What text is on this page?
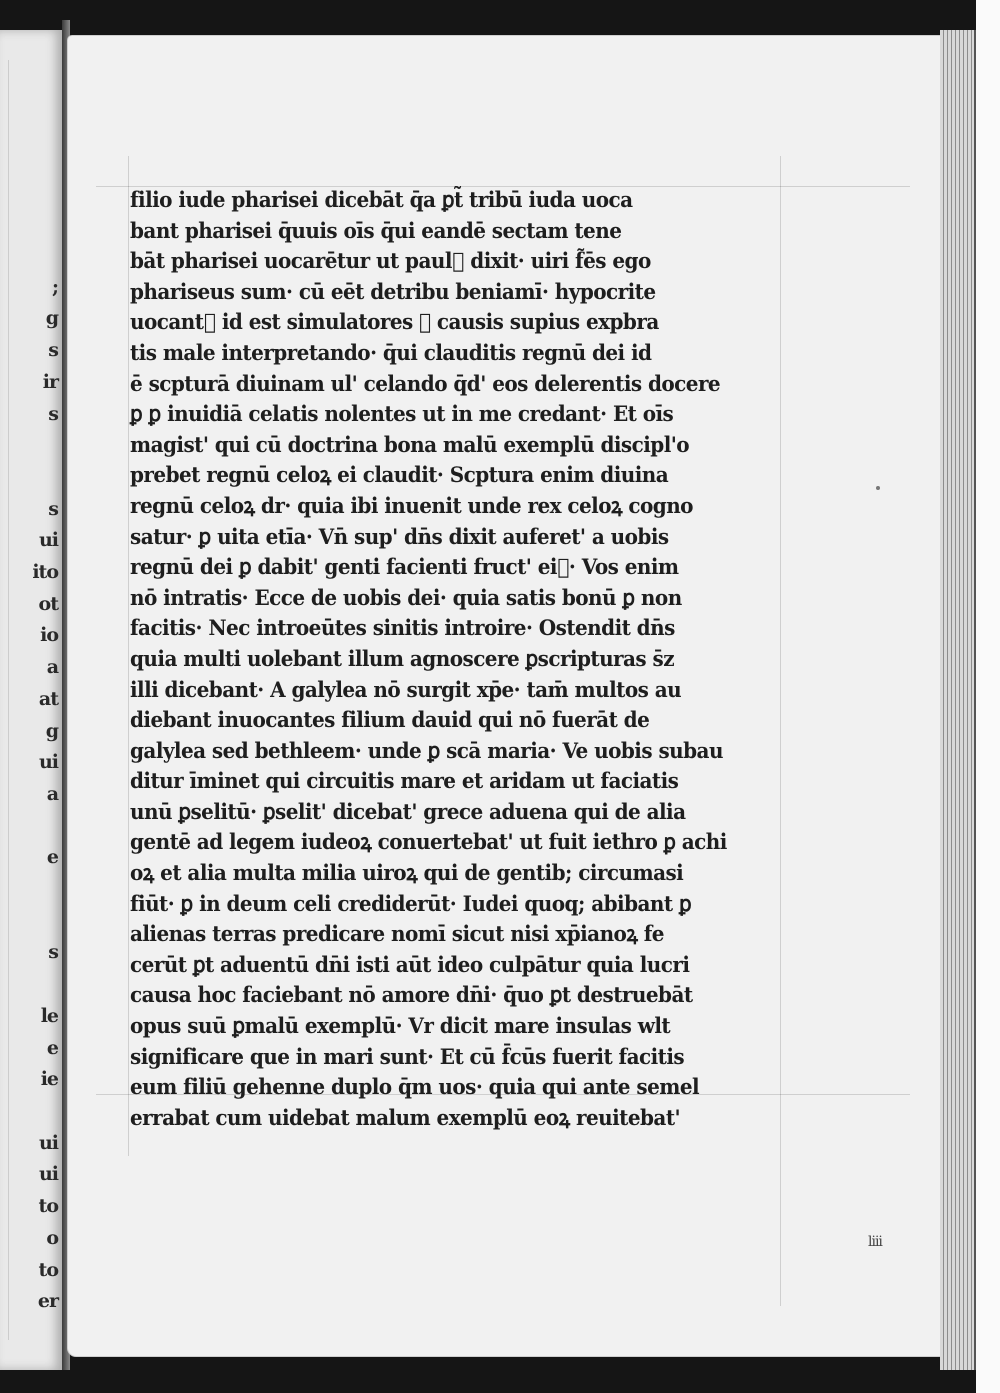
;
g
s
ir
s

s
ui
ito
ot
io
a
at
g
ui
a

e

s

le
e
ie

ui
ui
to
o
to
er
filio iude pharisei dicebāt q̄a ꝑt̃ tribū iuda uoca
bant pharisei q̄uuis oīs q̄ui eandē sectam tene
bāt pharisei uocarētur ut paul᷒ dixit· uiri f̃ēs ego
phariseus sum· cū eēt detribu beniamī· hypocrite
uocant᷒ id est simulatores ꝑ causis supius expbra
tis male interpretando· q̄ui clauditis regnū dei id
ē scpturā diuinam ul' celando q̄d' eos delerentis docere
ꝑ ꝑ inuidiā celatis nolentes ut in me credant· Et oīs
magist' qui cū doctrina bona malū exemplū discipl'o
prebet regnū celoꝝ ei claudit· Scptura enim diuina
regnū celoꝝ dr· quia ibi inuenit unde rex celoꝝ cogno
satur· ꝑ uita etīa· Vn̄ sup' dn̄s dixit auferet' a uobis
regnū dei ꝑ dabit' genti facienti fruct' ei᷒· Vos enim
nō intratis· Ecce de uobis dei· quia satis bonū ꝑ non
facitis· Nec introeūtes sinitis introire· Ostendit dn̄s
quia multi uolebant illum agnoscere ꝑscripturas s̄z
illi dicebant· A galylea nō surgit xp̄e· tam̄ multos au
diebant inuocantes filium dauid qui nō fuerāt de
galylea sed bethleem· unde ꝑ scā maria· Ve uobis subau
ditur īminet qui circuitis mare et aridam ut faciatis
unū ꝑselitū· ꝑselit' dicebat' grece aduena qui de alia
gentē ad legem iudeoꝝ conuertebat' ut fuit iethro ꝑ achi
oꝝ et alia multa milia uiroꝝ qui de gentib; circumasi
fiūt· ꝑ in deum celi crediderūt· Iudei quoq; abibant ꝑ
alienas terras predicare nomī sicut nisi xp̄ianoꝝ fe
cerūt ꝑt aduentū dn̄i isti aūt ideo culpātur quia lucri
causa hoc faciebant nō amore dn̄i· q̄uo ꝑt destruebāt
opus suū ꝑmalū exemplū· Vr dicit mare insulas wlt
significare que in mari sunt· Et cū f̄cūs fuerit facitis
eum filiū gehenne duplo q̄m uos· quia qui ante semel
errabat cum uidebat malum exemplū eoꝝ reuitebat'
liii
